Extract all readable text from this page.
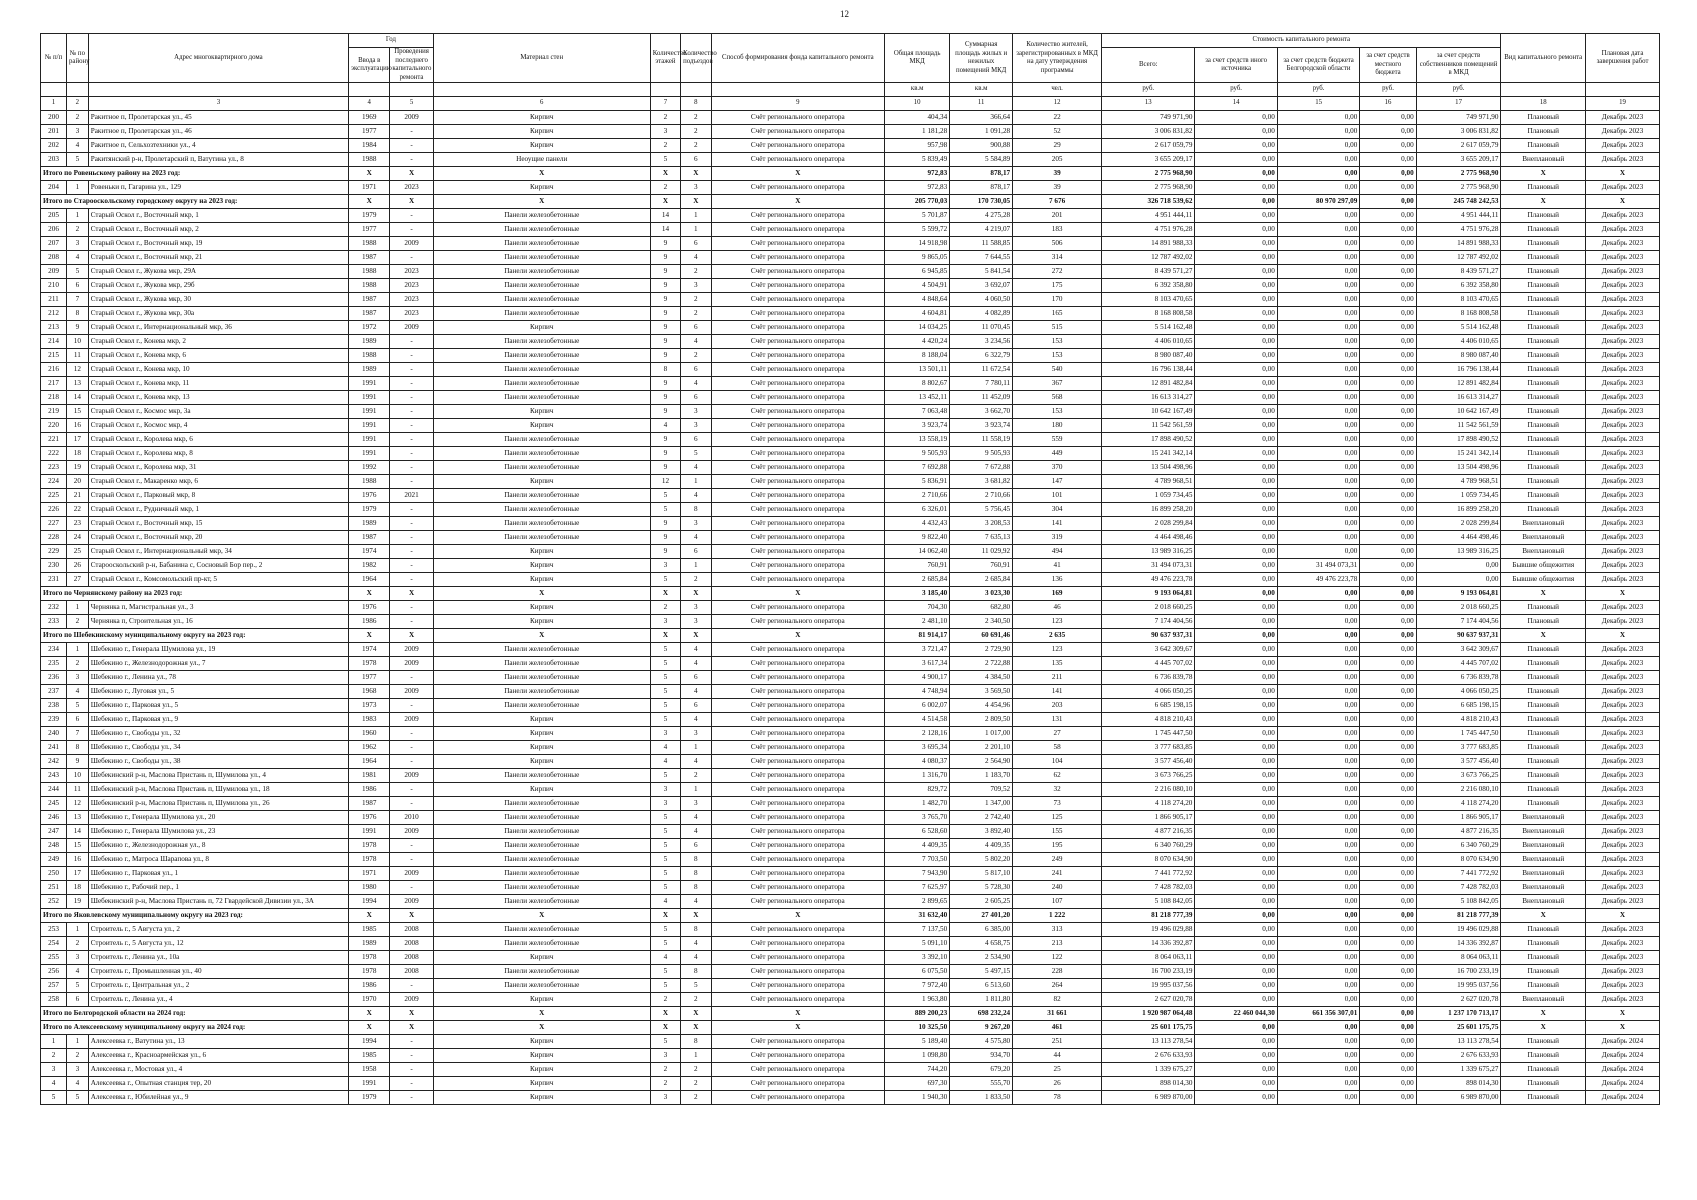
12
№ п/п	№ по району	Адрес многоквартирного дома	Год		Материал стен	Количество этажей	Количество подъездов	Способ формирования фонда капитального ремонта	Общая площадь МКД	Суммарная площадь жилых и нежилых помещений МКД	Количество жителей, зарегистрированных в МКД на дату утверждения программы	Стоимость капитального ремонта					Вид капитального ремонта	Плановая дата завершения работ
			Ввода в эксплуатацию	Проведения последнего капитального ремонта								Всего:	за счет средств иного источника	за счет средств бюджета Белгородской области	за счет средств местного бюджета	за счет средств собственников помещений в МКД		
									кв.м	кв.м	чел.	руб.	руб.	руб.	руб.	руб.		
1	2	3	4	5	6	7	8	9	10	11	12	13	14	15	16	17	18	19
200	2	Ракитное п, Пролетарская ул., 45	1969	2009	Кирпич	2	2	Счёт регионального оператора	404,34	366,64	22	749 971,90	0,00	0,00	0,00	749 971,90	Плановый	Декабрь 2023
201	3	Ракитное п, Пролетарская ул., 46	1977	-	Кирпич	3	2	Счёт регионального оператора	1 181,28	1 091,28	52	3 006 831,82	0,00	0,00	0,00	3 006 831,82	Плановый	Декабрь 2023
202	4	Ракитное п, Сельхозтехники ул., 4	1984	-	Кирпич	2	2	Счёт регионального оператора	957,98	900,88	29	2 617 059,79	0,00	0,00	0,00	2 617 059,79	Плановый	Декабрь 2023
203	5	Ракитянский р-н, Пролетарский п, Ватутина ул., 8	1988	-	Неоущие панели	5	6	Счёт регионального оператора	5 839,49	5 584,89	205	3 655 209,17	0,00	0,00	0,00	3 655 209,17	Внеплановый	Декабрь 2023
Итого по Ровеньскому району на 2023 год:			X	X	X	X	X	X	972,83	878,17	39	2 775 968,90	0,00	0,00	0,00	2 775 968,90	X	X
204	1	Ровеньки п, Гагарина ул., 129	1971	2023	Кирпич	2	3	Счёт регионального оператора	972,83	878,17	39	2 775 968,90	0,00	0,00	0,00	2 775 968,90	Плановый	Декабрь 2023
Итого по Старооскольскому городскому округу на 2023 год:			X	X	X	X	X	X	205 770,03	170 730,05	7 676	326 718 539,62	0,00	80 970 297,09	0,00	245 748 242,53	X	X
205	1	Старый Оскол г., Восточный мкр, 1	1979	-	Панели железобетонные	14	1	Счёт регионального оператора	5 701,87	4 275,28	201	4 951 444,11	0,00	0,00	0,00	4 951 444,11	Плановый	Декабрь 2023
206	2	Старый Оскол г., Восточный мкр, 2	1977	-	Панели железобетонные	14	1	Счёт регионального оператора	5 599,72	4 219,07	183	4 751 976,28	0,00	0,00	0,00	4 751 976,28	Плановый	Декабрь 2023
207	3	Старый Оскол г., Восточный мкр, 19	1988	2009	Панели железобетонные	9	6	Счёт регионального оператора	14 918,98	11 588,85	506	14 891 988,33	0,00	0,00	0,00	14 891 988,33	Плановый	Декабрь 2023
208	4	Старый Оскол г., Восточный мкр, 21	1987	-	Панели железобетонные	9	4	Счёт регионального оператора	9 865,05	7 644,55	314	12 787 492,02	0,00	0,00	0,00	12 787 492,02	Плановый	Декабрь 2023
209	5	Старый Оскол г., Жукова мкр, 29А	1988	2023	Панели железобетонные	9	2	Счёт регионального оператора	6 945,85	5 841,54	272	8 439 571,27	0,00	0,00	0,00	8 439 571,27	Плановый	Декабрь 2023
210	6	Старый Оскол г., Жукова мкр, 29б	1988	2023	Панели железобетонные	9	3	Счёт регионального оператора	4 504,91	3 692,07	175	6 392 358,80	0,00	0,00	0,00	6 392 358,80	Плановый	Декабрь 2023
211	7	Старый Оскол г., Жукова мкр, 30	1987	2023	Панели железобетонные	9	2	Счёт регионального оператора	4 848,64	4 060,50	170	8 103 470,65	0,00	0,00	0,00	8 103 470,65	Плановый	Декабрь 2023
212	8	Старый Оскол г., Жукова мкр, 30а	1987	2023	Панели железобетонные	9	2	Счёт регионального оператора	4 604,81	4 082,89	165	8 168 808,58	0,00	0,00	0,00	8 168 808,58	Плановый	Декабрь 2023
213	9	Старый Оскол г., Интернациональный мкр, 36	1972	2009	Кирпич	9	6	Счёт регионального оператора	14 034,25	11 070,45	515	5 514 162,48	0,00	0,00	0,00	5 514 162,48	Плановый	Декабрь 2023
214	10	Старый Оскол г., Конева мкр, 2	1989	-	Панели железобетонные	9	4	Счёт регионального оператора	4 420,24	3 234,56	153	4 406 010,65	0,00	0,00	0,00	4 406 010,65	Плановый	Декабрь 2023
215	11	Старый Оскол г., Конева мкр, 6	1988	-	Панели железобетонные	9	2	Счёт регионального оператора	8 188,04	6 322,79	153	8 980 087,40	0,00	0,00	0,00	8 980 087,40	Плановый	Декабрь 2023
216	12	Старый Оскол г., Конева мкр, 10	1989	-	Панели железобетонные	8	6	Счёт регионального оператора	13 501,11	11 672,54	540	16 796 138,44	0,00	0,00	0,00	16 796 138,44	Плановый	Декабрь 2023
217	13	Старый Оскол г., Конева мкр, 11	1991	-	Панели железобетонные	9	4	Счёт регионального оператора	8 802,67	7 780,11	367	12 891 482,84	0,00	0,00	0,00	12 891 482,84	Плановый	Декабрь 2023
218	14	Старый Оскол г., Конева мкр, 13	1991	-	Панели железобетонные	9	6	Счёт регионального оператора	13 452,11	11 452,09	568	16 613 314,27	0,00	0,00	0,00	16 613 314,27	Плановый	Декабрь 2023
219	15	Старый Оскол г., Космос мкр, 3а	1991	-	Кирпич	9	3	Счёт регионального оператора	7 063,48	3 662,70	153	10 642 167,49	0,00	0,00	0,00	10 642 167,49	Плановый	Декабрь 2023
220	16	Старый Оскол г., Космос мкр, 4	1991	-	Кирпич	4	3	Счёт регионального оператора	3 923,74	3 923,74	180	11 542 561,59	0,00	0,00	0,00	11 542 561,59	Плановый	Декабрь 2023
221	17	Старый Оскол г., Королева мкр, 6	1991	-	Панели железобетонные	9	6	Счёт регионального оператора	13 558,19	11 558,19	559	17 898 490,52	0,00	0,00	0,00	17 898 490,52	Плановый	Декабрь 2023
222	18	Старый Оскол г., Королева мкр, 8	1991	-	Панели железобетонные	9	5	Счёт регионального оператора	9 505,93	9 505,93	449	15 241 342,14	0,00	0,00	0,00	15 241 342,14	Плановый	Декабрь 2023
223	19	Старый Оскол г., Королева мкр, 31	1992	-	Панели железобетонные	9	4	Счёт регионального оператора	7 692,88	7 672,88	370	13 504 498,96	0,00	0,00	0,00	13 504 498,96	Плановый	Декабрь 2023
224	20	Старый Оскол г., Макаренко мкр, 6	1988	-	Кирпич	12	1	Счёт регионального оператора	5 836,91	3 681,82	147	4 789 968,51	0,00	0,00	0,00	4 789 968,51	Плановый	Декабрь 2023
225	21	Старый Оскол г., Парковый мкр, 8	1976	2021	Панели железобетонные	5	4	Счёт регионального оператора	2 710,66	2 710,66	101	1 059 734,45	0,00	0,00	0,00	1 059 734,45	Плановый	Декабрь 2023
226	22	Старый Оскол г., Рудничный мкр, 1	1979	-	Панели железобетонные	5	8	Счёт регионального оператора	6 326,01	5 756,45	304	16 899 258,20	0,00	0,00	0,00	16 899 258,20	Плановый	Декабрь 2023
227	23	Старый Оскол г., Восточный мкр, 15	1989	-	Панели железобетонные	9	3	Счёт регионального оператора	4 432,43	3 208,53	141	2 028 299,84	0,00	0,00	0,00	2 028 299,84	Внеплановый	Декабрь 2023
228	24	Старый Оскол г., Восточный мкр, 20	1987	-	Панели железобетонные	9	4	Счёт регионального оператора	9 822,40	7 635,13	319	4 464 498,46	0,00	0,00	0,00	4 464 498,46	Внеплановый	Декабрь 2023
229	25	Старый Оскол г., Интернациональный мкр, 34	1974	-	Кирпич	9	6	Счёт регионального оператора	14 062,40	11 029,92	494	13 989 316,25	0,00	0,00	0,00	13 989 316,25	Внеплановый	Декабрь 2023
230	26	Старооскольский р-н, Бабанина с, Сосновый Бор пер., 2	1982	-	Кирпич	3	1	Счёт регионального оператора	760,91	760,91	41	31 494 073,31	0,00	31 494 073,31	0,00	0,00	Бывшие общежития	Декабрь 2023
231	27	Старый Оскол г., Комсомольский пр-кт, 5	1964	-	Кирпич	5	2	Счёт регионального оператора	2 685,84	2 685,84	136	49 476 223,78	0,00	49 476 223,78	0,00	0,00	Бывшие общежития	Декабрь 2023
Итого по Чернянскому району на 2023 год:			X	X	X	X	X	X	3 185,40	3 023,30	169	9 193 064,81	0,00	0,00	0,00	9 193 064,81	X	X
232	1	Чернянка п, Магистральная ул., 3	1976	-	Кирпич	2	3	Счёт регионального оператора	704,30	682,80	46	2 018 660,25	0,00	0,00	0,00	2 018 660,25	Плановый	Декабрь 2023
233	2	Чернянка п, Строительная ул., 16	1986	-	Кирпич	3	3	Счёт регионального оператора	2 481,10	2 340,50	123	7 174 404,56	0,00	0,00	0,00	7 174 404,56	Плановый	Декабрь 2023
Итого по Шебекинскому муниципальному округу на 2023 год:			X	X	X	X	X	X	81 914,17	60 691,46	2 635	90 637 937,31	0,00	0,00	0,00	90 637 937,31	X	X
234	1	Шебекино г., Генерала Шумилова ул., 19	1974	2009	Панели железобетонные	5	4	Счёт регионального оператора	3 721,47	2 729,90	123	3 642 309,67	0,00	0,00	0,00	3 642 309,67	Плановый	Декабрь 2023
235	2	Шебекино г., Железнодорожная ул., 7	1978	2009	Панели железобетонные	5	4	Счёт регионального оператора	3 617,34	2 722,88	135	4 445 707,02	0,00	0,00	0,00	4 445 707,02	Плановый	Декабрь 2023
236	3	Шебекино г., Ленина ул., 78	1977	-	Панели железобетонные	5	6	Счёт регионального оператора	4 900,17	4 384,50	211	6 736 839,78	0,00	0,00	0,00	6 736 839,78	Плановый	Декабрь 2023
237	4	Шебекино г., Луговая ул., 5	1968	2009	Панели железобетонные	5	4	Счёт регионального оператора	4 748,94	3 569,50	141	4 066 050,25	0,00	0,00	0,00	4 066 050,25	Плановый	Декабрь 2023
238	5	Шебекино г., Парковая ул., 5	1973	-	Панели железобетонные	5	6	Счёт регионального оператора	6 002,07	4 454,96	203	6 685 198,15	0,00	0,00	0,00	6 685 198,15	Плановый	Декабрь 2023
239	6	Шебекино г., Парковая ул., 9	1983	2009	Кирпич	5	4	Счёт регионального оператора	4 514,58	2 809,50	131	4 818 210,43	0,00	0,00	0,00	4 818 210,43	Плановый	Декабрь 2023
240	7	Шебекино г., Свободы ул., 32	1960	-	Кирпич	3	3	Счёт регионального оператора	2 128,16	1 017,00	27	1 745 447,50	0,00	0,00	0,00	1 745 447,50	Плановый	Декабрь 2023
241	8	Шебекино г., Свободы ул., 34	1962	-	Кирпич	4	1	Счёт регионального оператора	3 695,34	2 201,10	58	3 777 683,85	0,00	0,00	0,00	3 777 683,85	Плановый	Декабрь 2023
242	9	Шебекино г., Свободы ул., 38	1964	-	Кирпич	4	4	Счёт регионального оператора	4 080,37	2 564,90	104	3 577 456,40	0,00	0,00	0,00	3 577 456,40	Плановый	Декабрь 2023
243	10	Шебекинский р-н, Маслова Пристань п, Шумилова ул., 4	1981	2009	Панели железобетонные	5	2	Счёт регионального оператора	1 316,70	1 183,70	62	3 673 766,25	0,00	0,00	0,00	3 673 766,25	Плановый	Декабрь 2023
244	11	Шебекинский р-н, Маслова Пристань п, Шумилова ул., 18	1986	-	Кирпич	3	1	Счёт регионального оператора	829,72	709,52	32	2 216 080,10	0,00	0,00	0,00	2 216 080,10	Плановый	Декабрь 2023
245	12	Шебекинский р-н, Маслова Пристань п, Шумилова ул., 26	1987	-	Панели железобетонные	3	3	Счёт регионального оператора	1 482,70	1 347,00	73	4 118 274,20	0,00	0,00	0,00	4 118 274,20	Плановый	Декабрь 2023
246	13	Шебекино г., Генерала Шумилова ул., 20	1976	2010	Панели железобетонные	5	4	Счёт регионального оператора	3 765,70	2 742,40	125	1 866 905,17	0,00	0,00	0,00	1 866 905,17	Внеплановый	Декабрь 2023
247	14	Шебекино г., Генерала Шумилова ул., 23	1991	2009	Панели железобетонные	5	4	Счёт регионального оператора	6 528,60	3 892,40	155	4 877 216,35	0,00	0,00	0,00	4 877 216,35	Внеплановый	Декабрь 2023
248	15	Шебекино г., Железнодорожная ул., 8	1978	-	Панели железобетонные	5	6	Счёт регионального оператора	4 409,35	4 409,35	195	6 340 760,29	0,00	0,00	0,00	6 340 760,29	Внеплановый	Декабрь 2023
249	16	Шебекино г., Матроса Шарапова ул., 8	1978	-	Панели железобетонные	5	8	Счёт регионального оператора	7 703,50	5 802,20	249	8 070 634,90	0,00	0,00	0,00	8 070 634,90	Внеплановый	Декабрь 2023
250	17	Шебекино г., Парковая ул., 1	1971	2009	Панели железобетонные	5	8	Счёт регионального оператора	7 943,90	5 817,10	241	7 441 772,92	0,00	0,00	0,00	7 441 772,92	Внеплановый	Декабрь 2023
251	18	Шебекино г., Рабочий пер., 1	1980	-	Панели железобетонные	5	8	Счёт регионального оператора	7 625,97	5 728,30	240	7 428 782,03	0,00	0,00	0,00	7 428 782,03	Внеплановый	Декабрь 2023
252	19	Шебекинский р-н, Маслова Пристань п, 72 Гвардейской Дивизии ул., 3А	1994	2009	Панели железобетонные	4	4	Счёт регионального оператора	2 899,65	2 605,25	107	5 108 842,05	0,00	0,00	0,00	5 108 842,05	Внеплановый	Декабрь 2023
Итого по Яковлевскому муниципальному округу на 2023 год:			X	X	X	X	X	X	31 632,40	27 401,20	1 222	81 218 777,39	0,00	0,00	0,00	81 218 777,39	X	X
253	1	Строитель г., 5 Августа ул., 2	1985	2008	Панели железобетонные	5	8	Счёт регионального оператора	7 137,50	6 385,00	313	19 496 029,88	0,00	0,00	0,00	19 496 029,88	Плановый	Декабрь 2023
254	2	Строитель г., 5 Августа ул., 12	1989	2008	Панели железобетонные	5	4	Счёт регионального оператора	5 091,10	4 658,75	213	14 336 392,87	0,00	0,00	0,00	14 336 392,87	Плановый	Декабрь 2023
255	3	Строитель г., Ленина ул., 10а	1978	2008	Кирпич	4	4	Счёт регионального оператора	3 392,10	2 534,90	122	8 064 063,11	0,00	0,00	0,00	8 064 063,11	Плановый	Декабрь 2023
256	4	Строитель г., Промышленная ул., 40	1978	2008	Панели железобетонные	5	8	Счёт регионального оператора	6 075,50	5 497,15	228	16 700 233,19	0,00	0,00	0,00	16 700 233,19	Плановый	Декабрь 2023
257	5	Строитель г., Центральная ул., 2	1986	-	Панели железобетонные	5	5	Счёт регионального оператора	7 972,40	6 513,60	264	19 995 037,56	0,00	0,00	0,00	19 995 037,56	Плановый	Декабрь 2023
258	6	Строитель г., Ленина ул., 4	1970	2009	Кирпич	2	2	Счёт регионального оператора	1 963,80	1 811,80	82	2 627 020,78	0,00	0,00	0,00	2 627 020,78	Внеплановый	Декабрь 2023
Итого по Белгородской области на 2024 год:			X	X	X	X	X	X	889 200,23	698 232,24	31 661	1 920 987 064,48	22 460 044,30	661 356 307,01	0,00	1 237 170 713,17	X	X
Итого по Алексеевскому муниципальному округу на 2024 год:			X	X	X	X	X	X	10 325,50	9 267,20	461	25 601 175,75	0,00	0,00	0,00	25 601 175,75	X	X
1	1	Алексеевка г., Ватутина ул., 13	1994	-	Кирпич	5	8	Счёт регионального оператора	5 189,40	4 575,80	251	13 113 278,54	0,00	0,00	0,00	13 113 278,54	Плановый	Декабрь 2024
2	2	Алексеевка г., Красноармейская ул., 6	1985	-	Кирпич	3	1	Счёт регионального оператора	1 098,80	934,70	44	2 676 633,93	0,00	0,00	0,00	2 676 633,93	Плановый	Декабрь 2024
3	3	Алексеевка г., Мостовая ул., 4	1958	-	Кирпич	2	2	Счёт регионального оператора	744,20	679,20	25	1 339 675,27	0,00	0,00	0,00	1 339 675,27	Плановый	Декабрь 2024
4	4	Алексеевка г., Опытная станция тер, 20	1991	-	Кирпич	2	2	Счёт регионального оператора	697,30	555,70	26	898 014,30	0,00	0,00	0,00	898 014,30	Плановый	Декабрь 2024
5	5	Алексеевка г., Юбилейная ул., 9	1979	-	Кирпич	3	2	Счёт регионального оператора	1 940,30	1 833,50	78	6 989 870,00	0,00	0,00	0,00	6 989 870,00	Плановый	Декабрь 2024
